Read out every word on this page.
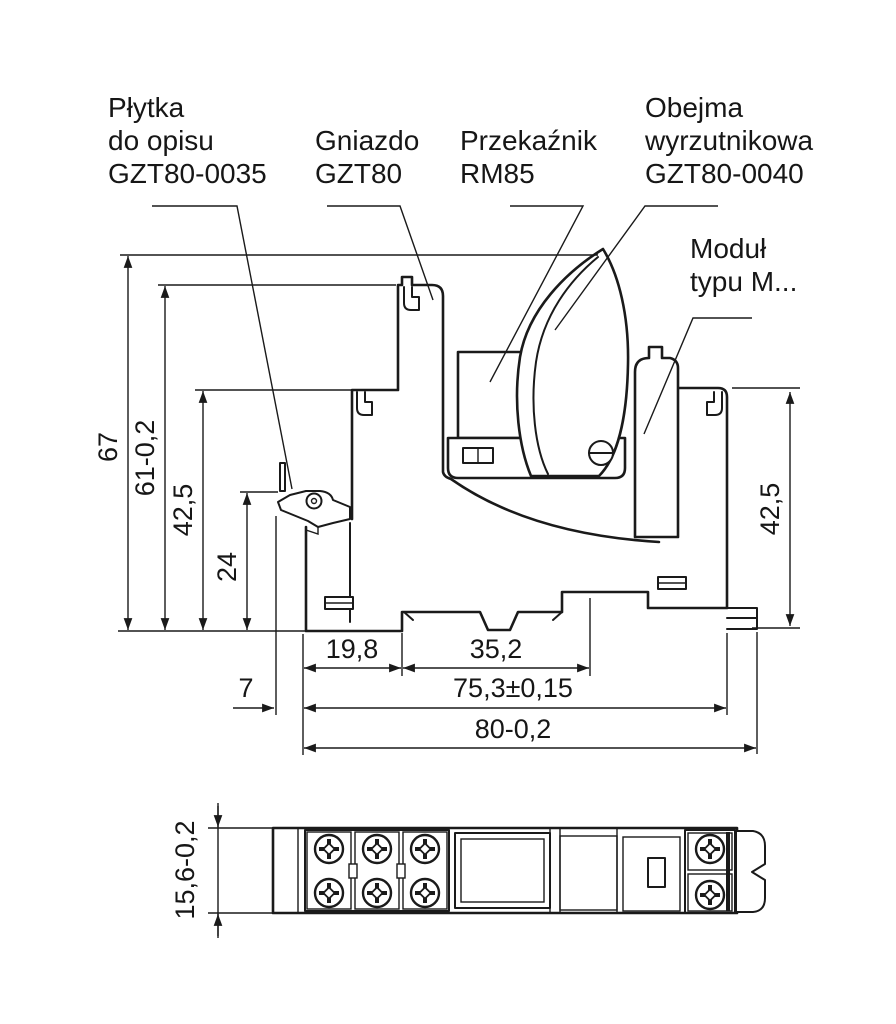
67 61-0,2
42,5
24
42,5
19,8	35,2
7	75,3±0,15
80-0,2
Płytka
do opisu
GZT80-0035
Gniazdo
GZT80
Przekaźnik
RM85
Obejma
wyrzutnikowa
GZT80-0040
Moduł
typu M...
15,6-0,2
